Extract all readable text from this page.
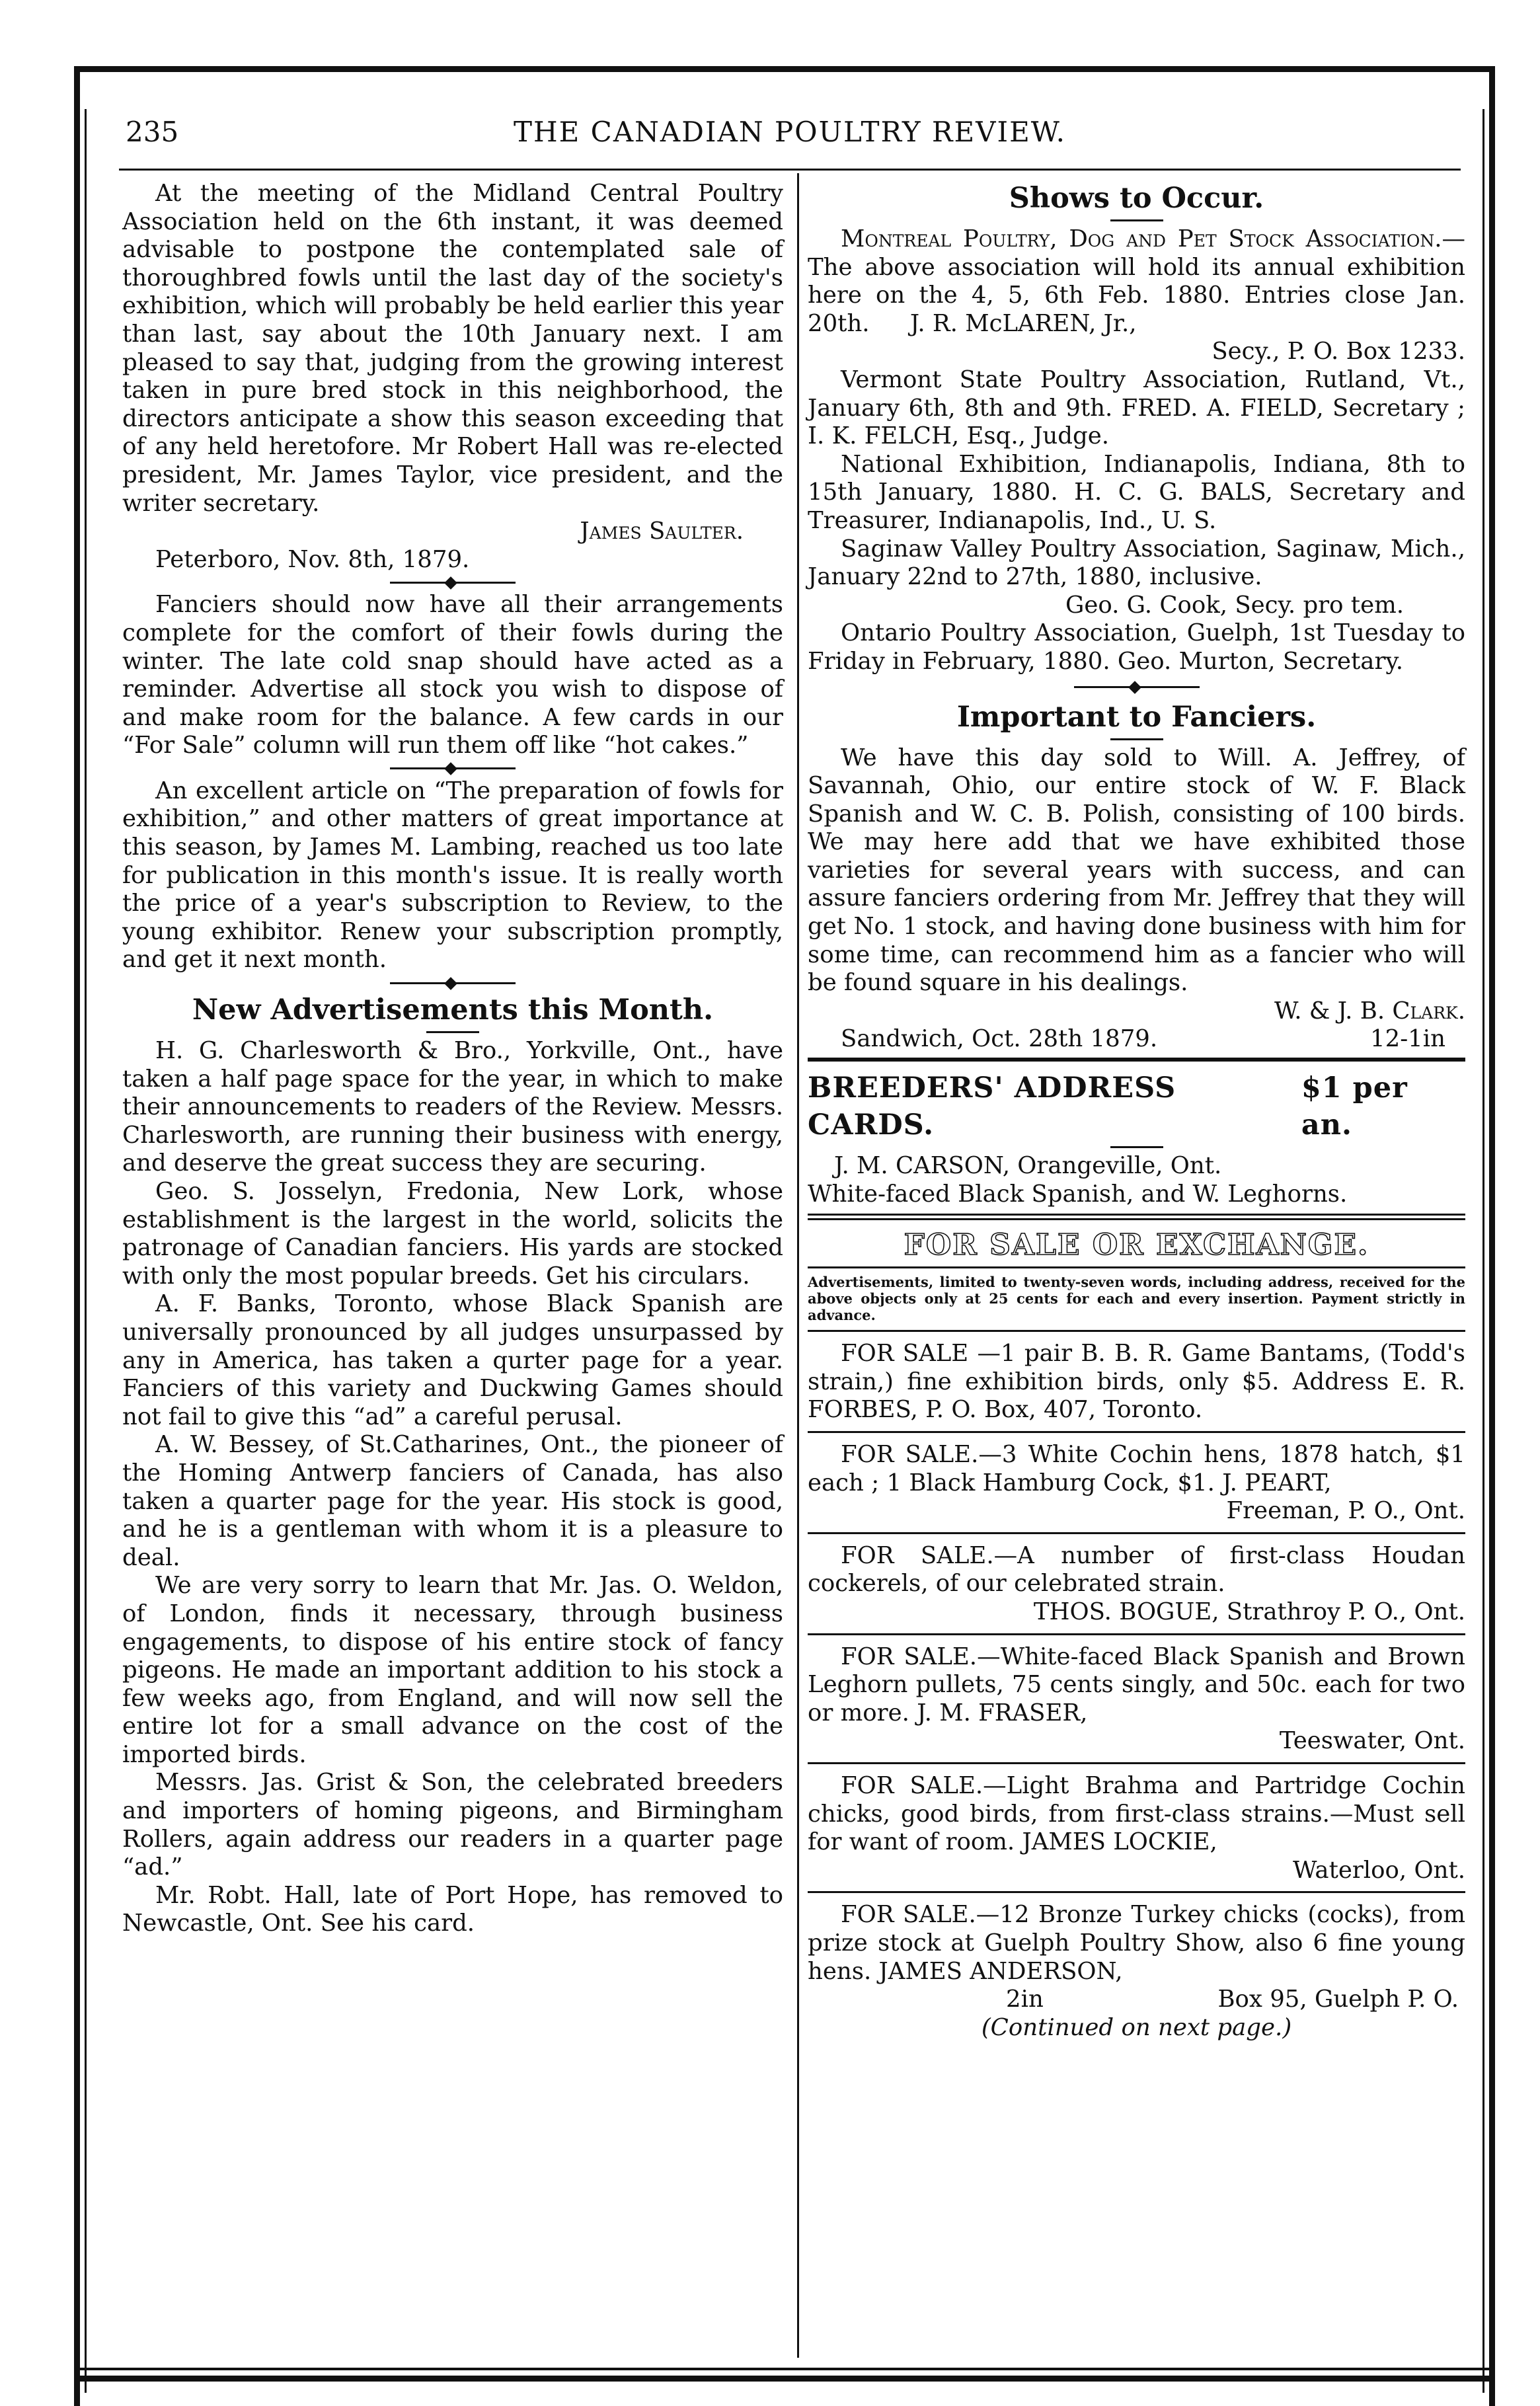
235	THE CANADIAN POULTRY REVIEW.

At the meeting of the Midland Central Poultry Association held on the 6th instant, it was deemed advisable to postpone the contemplated sale of thoroughbred fowls until the last day of the society's exhibition, which will probably be held earlier this year than last, say about the 10th January next. I am pleased to say that, judging from the growing interest taken in pure bred stock in this neighborhood, the directors anticipate a show this season exceeding that of any held heretofore. Mr Robert Hall was re-elected president, Mr. James Taylor, vice president, and the writer secretary.

James Saulter.
Peterboro, Nov. 8th, 1879.

Fanciers should now have all their arrangements complete for the comfort of their fowls during the winter. The late cold snap should have acted as a reminder. Advertise all stock you wish to dispose of and make room for the balance. A few cards in our “For Sale” column will run them off like “hot cakes.”

An excellent article on “The preparation of fowls for exhibition,” and other matters of great importance at this season, by James M. Lambing, reached us too late for publication in this month's issue. It is really worth the price of a year's subscription to Review, to the young exhibitor. Renew your subscription promptly, and get it next month.

New Advertisements this Month.

H. G. Charlesworth & Bro., Yorkville, Ont., have taken a half page space for the year, in which to make their announcements to readers of the Review. Messrs. Charlesworth, are running their business with energy, and deserve the great success they are securing.

Geo. S. Josselyn, Fredonia, New Lork, whose establishment is the largest in the world, solicits the patronage of Canadian fanciers. His yards are stocked with only the most popular breeds. Get his circulars.

A. F. Banks, Toronto, whose Black Spanish are universally pronounced by all judges unsurpassed by any in America, has taken a qurter page for a year. Fanciers of this variety and Duckwing Games should not fail to give this “ad” a careful perusal.

A. W. Bessey, of St.Catharines, Ont., the pioneer of the Homing Antwerp fanciers of Canada, has also taken a quarter page for the year. His stock is good, and he is a gentleman with whom it is a pleasure to deal.

We are very sorry to learn that Mr. Jas. O. Weldon, of London, finds it necessary, through business engagements, to dispose of his entire stock of fancy pigeons. He made an important addition to his stock a few weeks ago, from England, and will now sell the entire lot for a small advance on the cost of the imported birds.

Messrs. Jas. Grist & Son, the celebrated breeders and importers of homing pigeons, and Birmingham Rollers, again address our readers in a quarter page “ad.”

Mr. Robt. Hall, late of Port Hope, has removed to Newcastle, Ont. See his card.

Shows to Occur.

Montreal Poultry, Dog and Pet Stock Association.—The above association will hold its annual exhibition here on the 4, 5, 6th Feb. 1880. Entries close Jan. 20th. J. R. McLAREN, Jr.,

Secy., P. O. Box 1233.

Vermont State Poultry Association, Rutland, Vt., January 6th, 8th and 9th. FRED. A. FIELD, Secretary ; I. K. FELCH, Esq., Judge.

National Exhibition, Indianapolis, Indiana, 8th to 15th January, 1880. H. C. G. BALS, Secretary and Treasurer, Indianapolis, Ind., U. S.

Saginaw Valley Poultry Association, Saginaw, Mich., January 22nd to 27th, 1880, inclusive.

Geo. G. Cook, Secy. pro tem.

Ontario Poultry Association, Guelph, 1st Tuesday to Friday in February, 1880. Geo. Murton, Secretary.

Important to Fanciers.

We have this day sold to Will. A. Jeffrey, of Savannah, Ohio, our entire stock of W. F. Black Spanish and W. C. B. Polish, consisting of 100 birds. We may here add that we have exhibited those varieties for several years with success, and can assure fanciers ordering from Mr. Jeffrey that they will get No. 1 stock, and having done business with him for some time, can recommend him as a fancier who will be found square in his dealings.

W. & J. B. Clark.
Sandwich, Oct. 28th 1879.	12-1in
BREEDERS' ADDRESS CARDS.
$1 per an.
J. M. CARSON, Orangeville, Ont.
White-faced Black Spanish, and W. Leghorns.
FOR SALE OR EXCHANGE.
Advertisements, limited to twenty-seven words, including address, received for the above objects only at 25 cents for each and every insertion. Payment strictly in advance.

FOR SALE —1 pair B. B. R. Game Bantams, (Todd's strain,) fine exhibition birds, only $5. Address E. R. FORBES, P. O. Box, 407, Toronto.

FOR SALE.—3 White Cochin hens, 1878 hatch, $1 each ; 1 Black Hamburg Cock, $1. J. PEART,

Freeman, P. O., Ont.

FOR SALE.—A number of first-class Houdan cockerels, of our celebrated strain.

THOS. BOGUE, Strathroy P. O., Ont.

FOR SALE.—White-faced Black Spanish and Brown Leghorn pullets, 75 cents singly, and 50c. each for two or more. J. M. FRASER,

Teeswater, Ont.

FOR SALE.—Light Brahma and Partridge Cochin chicks, good birds, from first-class strains.—Must sell for want of room. JAMES LOCKIE,

Waterloo, Ont.

FOR SALE.—12 Bronze Turkey chicks (cocks), from prize stock at Guelph Poultry Show, also 6 fine young hens. JAMES ANDERSON,

2in	Box 95, Guelph P. O.
(Continued on next page.)
